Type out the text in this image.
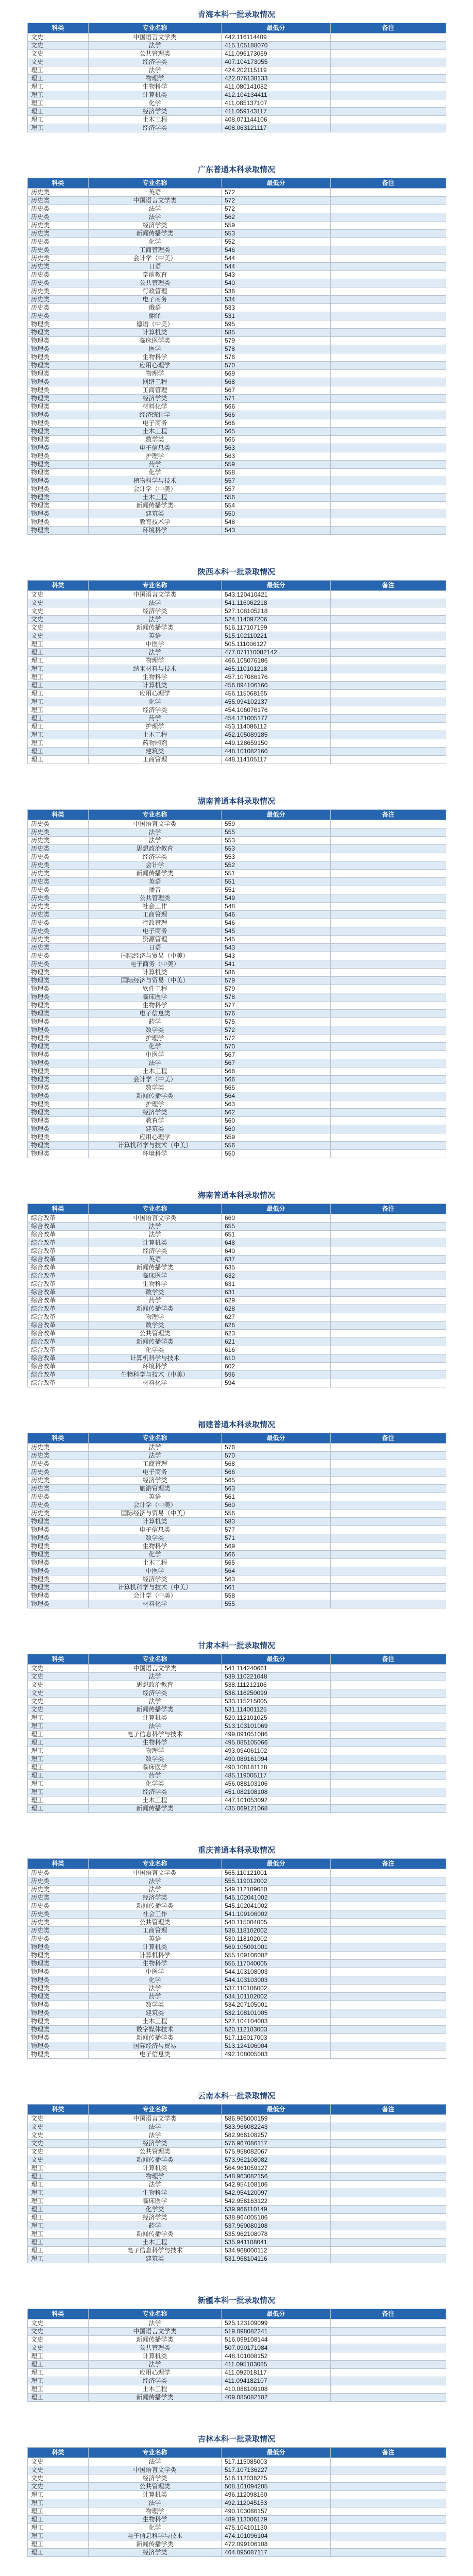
青海本科一批录取情况
科类	专业名称	最低分	备注
文史	中国语言文学类	442.116114409	
文史	法学	415.105188070	
文史	公共管理类	411.096173069	
文史	经济学类	407.104173055	
理工	法学	424.202115119	
理工	物理学	422.076138133	
理工	生物科学	411.080141082	
理工	计算机类	412.104134411	
理工	化学	411.085137107	
理工	经济学类	411.059143117	
理工	土木工程	408.071144106	
理工	经济学类	408.063121117	
广东普通本科录取情况
科类	专业名称	最低分	备注
历史类	英语	572	
历史类	中国语言文学类	572	
历史类	法学	572	
历史类	法学	562	
历史类	经济学类	559	
历史类	新闻传播学类	553	
历史类	化学	552	
历史类	工商管理类	546	
历史类	会计学（中美）	544	
历史类	日语	544	
历史类	学前教育	543	
历史类	公共管理类	540	
历史类	行政管理	536	
历史类	电子商务	534	
历史类	俄语	533	
历史类	翻译	531	
物理类	德语（中美）	595	
物理类	计算机类	585	
物理类	临床医学类	579	
物理类	医学	578	
物理类	生物科学	576	
物理类	应用心理学	570	
物理类	物理学	569	
物理类	网络工程	568	
物理类	工商管理	567	
物理类	经济学类	571	
物理类	材料化学	566	
物理类	经济统计学	566	
物理类	电子商务	566	
物理类	土木工程	565	
物理类	数学类	565	
物理类	电子信息类	563	
物理类	护理学	563	
物理类	药学	559	
物理类	化学	558	
物理类	植物科学与技术	557	
物理类	会计学（中美）	557	
物理类	土木工程	556	
物理类	新闻传播学类	554	
物理类	建筑类	550	
物理类	教育技术学	548	
物理类	环境科学	543	
陕西本科一批录取情况
科类	专业名称	最低分	备注
文史	中国语言文学类	543.120410421	
文史	法学	541.116062218	
文史	经济学类	527.108105218	
文史	法学	524.114097206	
文史	新闻传播学类	516.117107199	
文史	英语	515.102110221	
理工	中医学	505.111006127	
理工	法学	477.071110082142	
理工	物理学	466.105076186	
理工	纳米材料与技术	465.110101218	
理工	生物科学	457.107086176	
理工	计算机类	456.094106160	
理工	应用心理学	456.115068165	
理工	化学	455.094102137	
理工	经济学类	454.106076176	
理工	药学	454.121005177	
理工	护理学	453.114086112	
理工	土木工程	452.105089185	
理工	药物制剂	449.128659150	
理工	建筑类	448.101082160	
理工	工商管理	448.114105117	
湖南普通本科录取情况
科类	专业名称	最低分	备注
历史类	中国语言文学类	559	
历史类	法学	555	
历史类	法学	553	
历史类	思想政治教育	553	
历史类	经济学类	553	
历史类	会计学	552	
历史类	新闻传播学类	551	
历史类	英语	551	
历史类	播音	551	
历史类	公共管理类	549	
历史类	社会工作	548	
历史类	工商管理	546	
历史类	行政管理	546	
历史类	电子商务	545	
历史类	资源管理	545	
历史类	日语	543	
历史类	国际经济与贸易（中美）	543	
历史类	电子商务（中美）	541	
物理类	计算机类	586	
物理类	国际经济与贸易（中美）	579	
物理类	软件工程	579	
物理类	临床医学	578	
物理类	生物科学	577	
物理类	电子信息类	576	
物理类	药学	575	
物理类	数学类	572	
物理类	护理学	572	
物理类	化学	570	
物理类	中医学	567	
物理类	法学	567	
物理类	土木工程	566	
物理类	会计学（中美）	566	
物理类	数学类	565	
物理类	新闻传播学类	564	
物理类	护理学	563	
物理类	经济学类	562	
物理类	教育学	560	
物理类	建筑类	560	
物理类	应用心理学	559	
物理类	计算机科学与技术（中美）	556	
物理类	环境科学	550	
海南普通本科录取情况
科类	专业名称	最低分	备注
综合改革	中国语言文学类	660	
综合改革	法学	655	
综合改革	法学	651	
综合改革	计算机类	648	
综合改革	经济学类	640	
综合改革	英语	637	
综合改革	新闻传播学类	635	
综合改革	临床医学	632	
综合改革	生物科学	631	
综合改革	数学类	631	
综合改革	药学	629	
综合改革	新闻传播学类	628	
综合改革	物理学	627	
综合改革	数学类	626	
综合改革	公共管理类	623	
综合改革	新闻传播学类	621	
综合改革	化学类	616	
综合改革	计算机科学与技术	610	
综合改革	环境科学	602	
综合改革	生物科学与技术（中美）	596	
综合改革	材料化学	594	
福建普通本科录取情况
科类	专业名称	最低分	备注
历史类	法学	576	
历史类	法学	570	
历史类	工商管理	568	
历史类	电子商务	566	
历史类	经济学类	565	
历史类	旅游管理类	563	
历史类	英语	561	
历史类	会计学（中美）	560	
历史类	国际经济与贸易（中美）	556	
物理类	计算机类	583	
物理类	电子信息类	577	
物理类	数学类	571	
物理类	生物科学	569	
物理类	化学	566	
物理类	土木工程	565	
物理类	中医学	564	
物理类	经济学类	563	
物理类	计算机科学与技术（中美）	561	
物理类	会计学（中美）	558	
物理类	材料化学	555	
甘肃本科一批录取情况
科类	专业名称	最低分	备注
文史	中国语言文学类	541.114240661	
文史	法学	539.110221048	
文史	思想政治教育	538.111212106	
文史	经济学类	538.116250099	
文史	法学	533.115215005	
文史	新闻传播学类	531.114001125	
理工	计算机类	520.112101025	
理工	法学	513.103101069	
理工	电子信息科学与技术	499.091051086	
理工	生物科学	495.085105066	
理工	物理学	493.094061102	
理工	数学类	490.089161094	
理工	临床医学	490.108181128	
理工	药学	485.119005117	
理工	化学类	456.088103106	
理工	经济学类	451.082108108	
理工	土木工程	447.101053092	
理工	新闻传播学类	435.069121068	
重庆普通本科录取情况
科类	专业名称	最低分	备注
历史类	中国语言文学类	565.110121001	
历史类	法学	555.119012002	
历史类	法学	549.112109080	
历史类	经济学类	545.102041002	
历史类	新闻传播学类	545.102041002	
历史类	社会工作	541.109106002	
历史类	公共管理类	540.115004005	
历史类	工商管理	538.118102002	
历史类	英语	530.118102002	
物理类	计算机类	569.105091001	
物理类	计算机科学	555.109106002	
物理类	生物科学	555.117040005	
物理类	中医学	544.103108003	
物理类	化学	544.103103003	
物理类	法学	537.110106002	
物理类	药学	534.101102002	
物理类	数学类	534.207105001	
物理类	建筑类	532.108101005	
物理类	土木工程	527.104104003	
物理类	数字媒体技术	520.112103003	
物理类	新闻传播学类	517.116017003	
物理类	国际经济与贸易	513.124106004	
物理类	电子信息类	492.108005003	
云南本科一批录取情况
科类	专业名称	最低分	备注
文史	中国语言文学类	586.965000159	
文史	法学	583.966082243	
文史	法学	582.968108257	
文史	经济学类	576.967086117	
文史	公共管理类	575.958082067	
文史	新闻传播学类	573.962108082	
理工	计算机类	564.961059127	
理工	物理学	548.963082156	
理工	法学	542.954108106	
理工	生物科学	542.954120097	
理工	临床医学	542.958163122	
理工	化学类	539.966110149	
理工	经济学类	538.964005106	
理工	药学	537.960080108	
理工	新闻传播学类	535.962108078	
理工	土木工程	535.941108041	
理工	电子信息科学与技术	534.968000112	
理工	建筑类	531.968104116	
新疆本科一批录取情况
科类	专业名称	最低分	备注
文史	法学	525.123109099	
文史	中国语言文学类	519.098082241	
文史	新闻传播学类	516.099108144	
文史	公共管理类	507.090171084	
理工	计算机类	448.101008152	
理工	法学	411.095103085	
理工	应用心理学	411.092018117	
理工	经济学类	411.094182107	
理工	土木工程	410.088109108	
理工	新闻传播学类	409.085082102	
吉林本科一批录取情况
科类	专业名称	最低分	备注
文史	法学	517.115085003	
文史	中国语言文学类	517.107136227	
文史	经济学类	516.112038225	
文史	公共管理类	508.101094205	
理工	计算机类	496.112098160	
理工	法学	492.112045153	
理工	物理学	490.103086157	
理工	生物科学	489.113006179	
理工	化学	475.104101130	
理工	电子信息科学与技术	474.101096104	
理工	新闻传播学类	472.099106108	
理工	经济学类	464.095087117	
